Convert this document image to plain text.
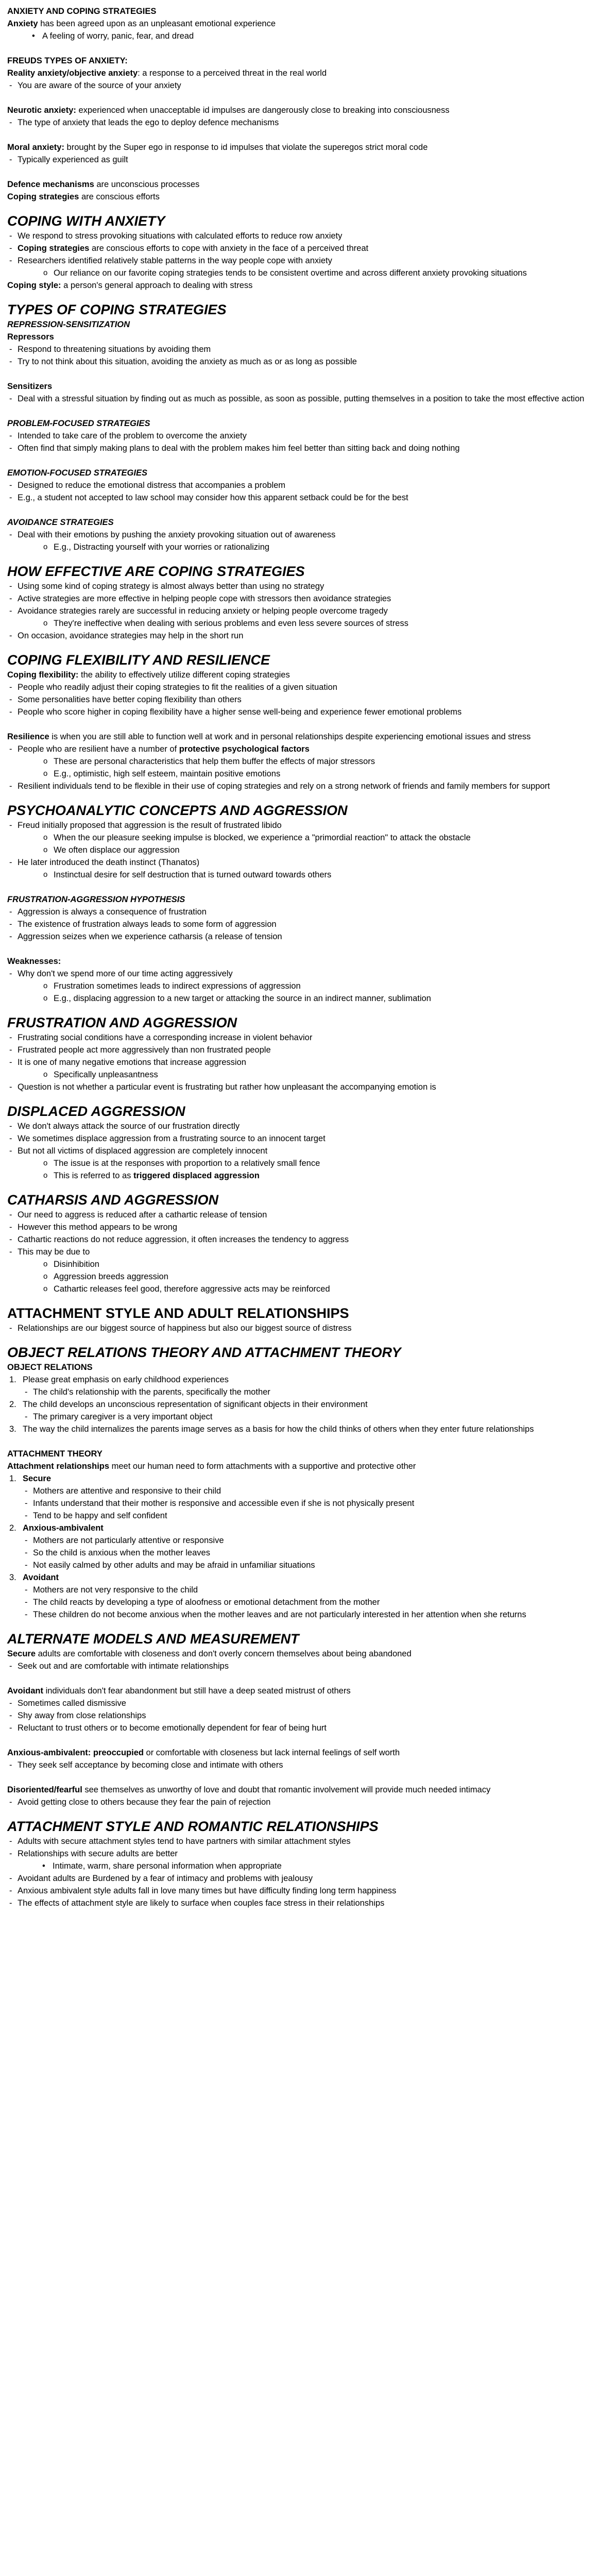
ANXIETY AND COPING STRATEGIES
Anxiety has been agreed upon as an unpleasant emotional experience
• A feeling of worry, panic, fear, and dread
FREUDS TYPES OF ANXIETY:
Reality anxiety/objective anxiety: a response to a perceived threat in the real world
- You are aware of the source of your anxiety
Neurotic anxiety: experienced when unacceptable id impulses are dangerously close to breaking into consciousness
- The type of anxiety that leads the ego to deploy defence mechanisms
Moral anxiety: brought by the Super ego in response to id impulses that violate the superegos strict moral code
- Typically experienced as guilt
Defence mechanisms are unconscious processes
Coping strategies are conscious efforts
COPING WITH ANXIETY
- We respond to stress provoking situations with calculated efforts to reduce row anxiety
- Coping strategies are conscious efforts to cope with anxiety in the face of a perceived threat
- Researchers identified relatively stable patterns in the way people cope with anxiety
o Our reliance on our favorite coping strategies tends to be consistent overtime and across different anxiety provoking situations
Coping style: a person's general approach to dealing with stress
TYPES OF COPING STRATEGIES
REPRESSION-SENSITIZATION
Repressors
- Respond to threatening situations by avoiding them
- Try to not think about this situation, avoiding the anxiety as much as or as long as possible
Sensitizers
- Deal with a stressful situation by finding out as much as possible, as soon as possible, putting themselves in a position to take the most effective action
PROBLEM-FOCUSED STRATEGIES
- Intended to take care of the problem to overcome the anxiety
- Often find that simply making plans to deal with the problem makes him feel better than sitting back and doing nothing
EMOTION-FOCUSED STRATEGIES
- Designed to reduce the emotional distress that accompanies a problem
- E.g., a student not accepted to law school may consider how this apparent setback could be for the best
AVOIDANCE STRATEGIES
- Deal with their emotions by pushing the anxiety provoking situation out of awareness
o E.g., Distracting yourself with your worries or rationalizing
HOW EFFECTIVE ARE COPING STRATEGIES
- Using some kind of coping strategy is almost always better than using no strategy
- Active strategies are more effective in helping people cope with stressors then avoidance strategies
- Avoidance strategies rarely are successful in reducing anxiety or helping people overcome tragedy
o They're ineffective when dealing with serious problems and even less severe sources of stress
- On occasion, avoidance strategies may help in the short run
COPING FLEXIBILITY AND RESILIENCE
Coping flexibility: the ability to effectively utilize different coping strategies
- People who readily adjust their coping strategies to fit the realities of a given situation
- Some personalities have better coping flexibility than others
- People who score higher in coping flexibility have a higher sense well-being and experience fewer emotional problems
Resilience is when you are still able to function well at work and in personal relationships despite experiencing emotional issues and stress
- People who are resilient have a number of protective psychological factors
o These are personal characteristics that help them buffer the effects of major stressors
o E.g., optimistic, high self esteem, maintain positive emotions
- Resilient individuals tend to be flexible in their use of coping strategies and rely on a strong network of friends and family members for support
PSYCHOANALYTIC CONCEPTS AND AGGRESSION
- Freud initially proposed that aggression is the result of frustrated libido
o When the our pleasure seeking impulse is blocked, we experience a "primordial reaction" to attack the obstacle
o We often displace our aggression
- He later introduced the death instinct (Thanatos)
o Instinctual desire for self destruction that is turned outward towards others
FRUSTRATION-AGGRESSION HYPOTHESIS
- Aggression is always a consequence of frustration
- The existence of frustration always leads to some form of aggression
- Aggression seizes when we experience catharsis (a release of tension
Weaknesses:
- Why don't we spend more of our time acting aggressively
o Frustration sometimes leads to indirect expressions of aggression
o E.g., displacing aggression to a new target or attacking the source in an indirect manner, sublimation
FRUSTRATION AND AGGRESSION
- Frustrating social conditions have a corresponding increase in violent behavior
- Frustrated people act more aggressively than non frustrated people
- It is one of many negative emotions that increase aggression
o Specifically unpleasantness
- Question is not whether a particular event is frustrating but rather how unpleasant the accompanying emotion is
DISPLACED AGGRESSION
- We don't always attack the source of our frustration directly
- We sometimes displace aggression from a frustrating source to an innocent target
- But not all victims of displaced aggression are completely innocent
o The issue is at the responses with proportion to a relatively small fence
o This is referred to as triggered displaced aggression
CATHARSIS AND AGGRESSION
- Our need to aggress is reduced after a cathartic release of tension
- However this method appears to be wrong
- Cathartic reactions do not reduce aggression, it often increases the tendency to aggress
- This may be due to
o Disinhibition
o Aggression breeds aggression
o Cathartic releases feel good, therefore aggressive acts may be reinforced
ATTACHMENT STYLE AND ADULT RELATIONSHIPS
- Relationships are our biggest source of happiness but also our biggest source of distress
OBJECT RELATIONS THEORY AND ATTACHMENT THEORY
OBJECT RELATIONS
1. Please great emphasis on early childhood experiences
- The child's relationship with the parents, specifically the mother
2. The child develops an unconscious representation of significant objects in their environment
- The primary caregiver is a very important object
3. The way the child internalizes the parents image serves as a basis for how the child thinks of others when they enter future relationships
ATTACHMENT THEORY
Attachment relationships meet our human need to form attachments with a supportive and protective other
1. Secure
- Mothers are attentive and responsive to their child
- Infants understand that their mother is responsive and accessible even if she is not physically present
- Tend to be happy and self confident
2. Anxious-ambivalent
- Mothers are not particularly attentive or responsive
- So the child is anxious when the mother leaves
- Not easily calmed by other adults and may be afraid in unfamiliar situations
3. Avoidant
- Mothers are not very responsive to the child
- The child reacts by developing a type of aloofness or emotional detachment from the mother
- These children do not become anxious when the mother leaves and are not particularly interested in her attention when she returns
ALTERNATE MODELS AND MEASUREMENT
Secure adults are comfortable with closeness and don't overly concern themselves about being abandoned
- Seek out and are comfortable with intimate relationships
Avoidant individuals don't fear abandonment but still have a deep seated mistrust of others
- Sometimes called dismissive
- Shy away from close relationships
- Reluctant to trust others or to become emotionally dependent for fear of being hurt
Anxious-ambivalent: preoccupied or comfortable with closeness but lack internal feelings of self worth
- They seek self acceptance by becoming close and intimate with others
Disoriented/fearful see themselves as unworthy of love and doubt that romantic involvement will provide much needed intimacy
- Avoid getting close to others because they fear the pain of rejection
ATTACHMENT STYLE AND ROMANTIC RELATIONSHIPS
- Adults with secure attachment styles tend to have partners with similar attachment styles
- Relationships with secure adults are better
• Intimate, warm, share personal information when appropriate
- Avoidant adults are Burdened by a fear of intimacy and problems with jealousy
- Anxious ambivalent style adults fall in love many times but have difficulty finding long term happiness
- The effects of attachment style are likely to surface when couples face stress in their relationships
